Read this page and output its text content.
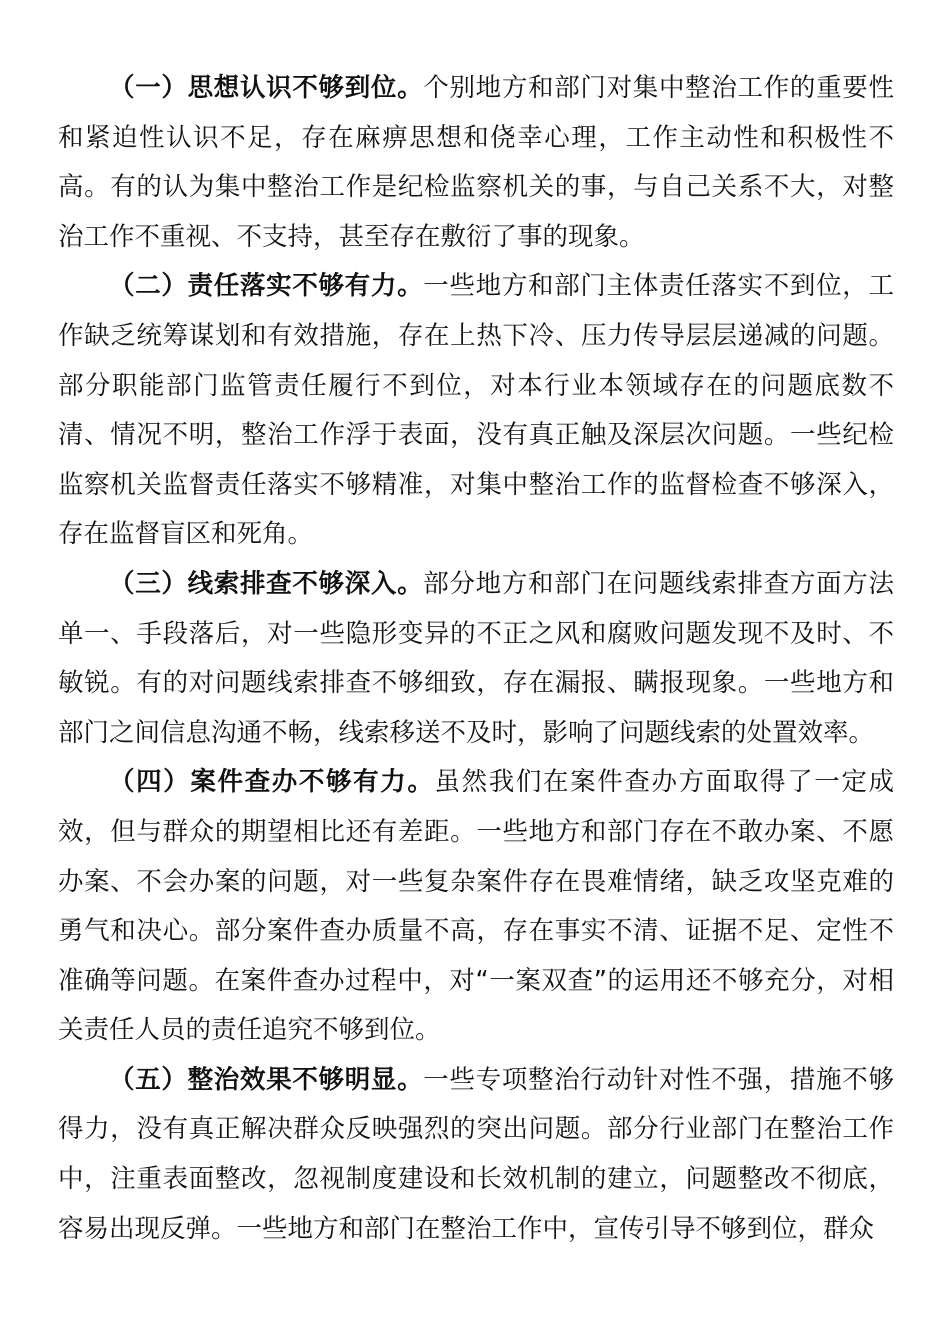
（一）思想认识不够到位。个别地方和部门对集中整治工作的重要性和紧迫性认识不足，存在麻痹思想和侥幸心理，工作主动性和积极性不高。有的认为集中整治工作是纪检监察机关的事，与自己关系不大，对整治工作不重视、不支持，甚至存在敷衍了事的现象。

（二）责任落实不够有力。一些地方和部门主体责任落实不到位，工作缺乏统筹谋划和有效措施，存在上热下冷、压力传导层层递减的问题。部分职能部门监管责任履行不到位，对本行业本领域存在的问题底数不清、情况不明，整治工作浮于表面，没有真正触及深层次问题。一些纪检监察机关监督责任落实不够精准，对集中整治工作的监督检查不够深入，存在监督盲区和死角。

（三）线索排查不够深入。部分地方和部门在问题线索排查方面方法单一、手段落后，对一些隐形变异的不正之风和腐败问题发现不及时、不敏锐。有的对问题线索排查不够细致，存在漏报、瞒报现象。一些地方和部门之间信息沟通不畅，线索移送不及时，影响了问题线索的处置效率。

（四）案件查办不够有力。虽然我们在案件查办方面取得了一定成效，但与群众的期望相比还有差距。一些地方和部门存在不敢办案、不愿办案、不会办案的问题，对一些复杂案件存在畏难情绪，缺乏攻坚克难的勇气和决心。部分案件查办质量不高，存在事实不清、证据不足、定性不准确等问题。在案件查办过程中，对“一案双查”的运用还不够充分，对相关责任人员的责任追究不够到位。

（五）整治效果不够明显。一些专项整治行动针对性不强，措施不够得力，没有真正解决群众反映强烈的突出问题。部分行业部门在整治工作中，注重表面整改，忽视制度建设和长效机制的建立，问题整改不彻底，容易出现反弹。一些地方和部门在整治工作中，宣传引导不够到位，群众
